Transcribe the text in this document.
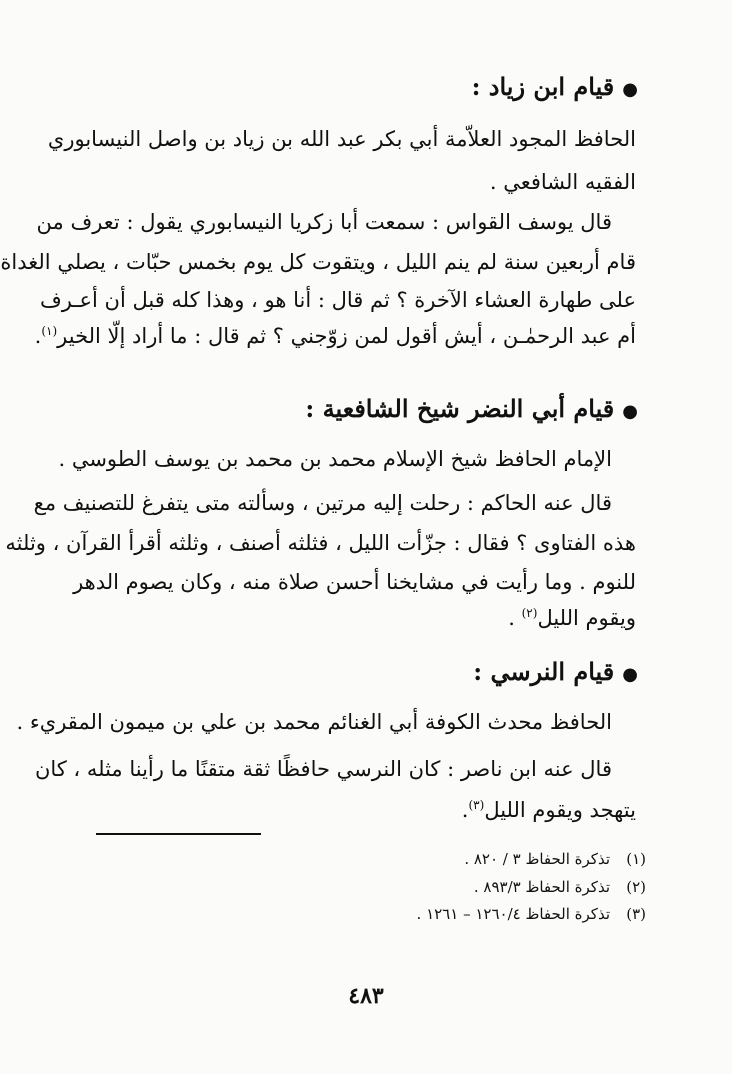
●قيام ابن زياد :
الحافظ المجود العلاّمة أبي بكر عبد الله بن زياد بن واصل النيسابوري
الفقيه الشافعي .
قال يوسف القواس : سمعت أبا زكريا النيسابوري يقول : تعرف من
قام أربعين سنة لم ينم الليل ، ويتقوت كل يوم بخمس حبّات ، يصلي الغداة
على طهارة العشاء الآخرة ؟ ثم قال : أنا هو ، وهذا كله قبل أن أعـرف
أم عبد الرحمٰـن ، أيش أقول لمن زوّجني ؟ ثم قال : ما أراد إلّا الخير$^{(١)}$.
●قيام أبي النضر شيخ الشافعية :
الإمام الحافظ شيخ الإسلام محمد بن محمد بن يوسف الطوسي .
قال عنه الحاكم : رحلت إليه مرتين ، وسألته متى يتفرغ للتصنيف مع
هذه الفتاوى ؟ فقال : جزّأت الليل ، فثلثه أصنف ، وثلثه أقرأ القرآن ، وثلثه
للنوم . وما رأيت في مشايخنا أحسن صلاة منه ، وكان يصوم الدهر
ويقوم الليل$^{(٢)}$ .
●قيام النرسي :
الحافظ محدث الكوفة أبي الغنائم محمد بن علي بن ميمون المقريء .
قال عنه ابن ناصر : كان النرسي حافظًا ثقة متقنًا ما رأينا مثله ، كان
يتهجد ويقوم الليل$^{(٣)}$.
(١)تذكرة الحفاظ ٣ / ٨٢٠ .
(٢)تذكرة الحفاظ ٨٩٣/٣ .
(٣)تذكرة الحفاظ ١٢٦٠/٤ – ١٢٦١ .
٤٨٣
